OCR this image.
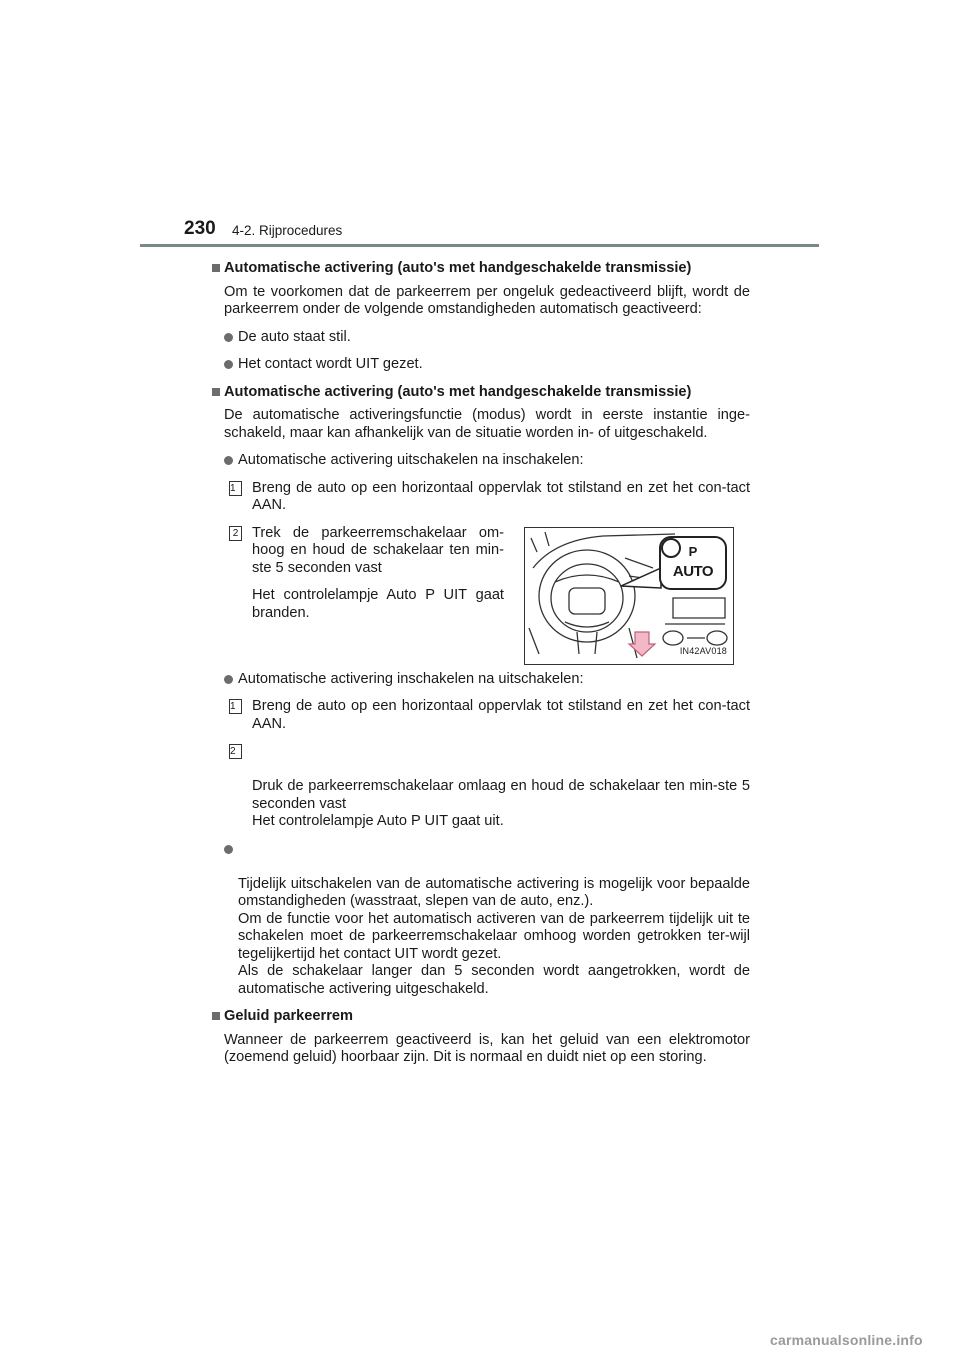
230 4-2. Rijprocedures
Automatische activering (auto's met handgeschakelde transmissie)

Om te voorkomen dat de parkeerrem per ongeluk gedeactiveerd blijft, wordt de parkeerrem onder de volgende omstandigheden automatisch geactiveerd:

De auto staat stil.
Het contact wordt UIT gezet.
Automatische activering (auto's met handgeschakelde transmissie)

De automatische activeringsfunctie (modus) wordt in eerste instantie inge-schakeld, maar kan afhankelijk van de situatie worden in- of uitgeschakeld.

Automatische activering uitschakelen na inschakelen:
1	Breng de auto op een horizontaal oppervlak tot stilstand en zet het con-tact AAN.
2 Trek de parkeerremschakelaar om-hoog en houd de schakelaar ten min-ste 5 seconden vast

Het controlelampje Auto P UIT gaat branden.

P
AUTO
IN42AV018
Automatische activering inschakelen na uitschakelen:
1	Breng de auto op een horizontaal oppervlak tot stilstand en zet het con-tact AAN.

2

Druk de parkeerremschakelaar omlaag en houd de schakelaar ten min-ste 5 seconden vast
Het controlelampje Auto P UIT gaat uit.

Tijdelijk uitschakelen van de automatische activering is mogelijk voor bepaalde omstandigheden (wasstraat, slepen van de auto, enz.).
Om de functie voor het automatisch activeren van de parkeerrem tijdelijk uit te schakelen moet de parkeerremschakelaar omhoog worden getrokken ter-wijl tegelijkertijd het contact UIT wordt gezet.
Als de schakelaar langer dan 5 seconden wordt aangetrokken, wordt de automatische activering uitgeschakeld.

Geluid parkeerrem

Wanneer de parkeerrem geactiveerd is, kan het geluid van een elektromotor (zoemend geluid) hoorbaar zijn. Dit is normaal en duidt niet op een storing.

carmanualsonline.info
